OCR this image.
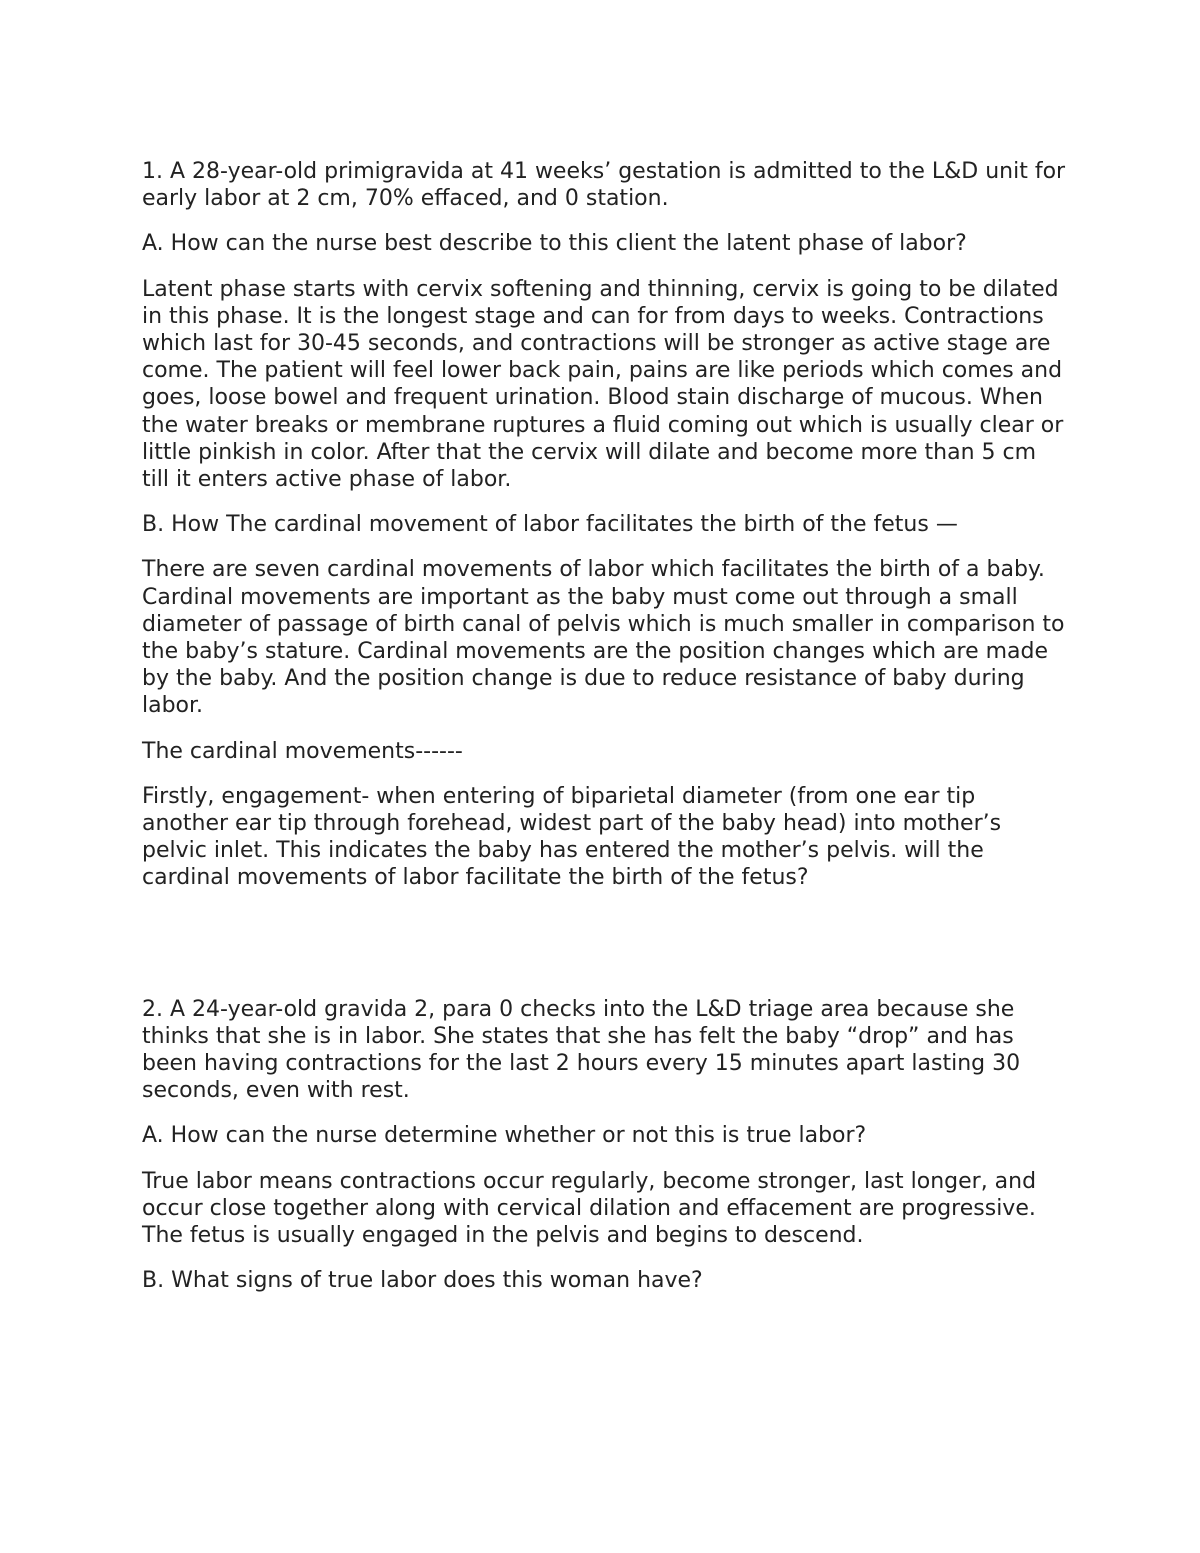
1. A 28-year-old primigravida at 41 weeks’ gestation is admitted to the L&D unit for early labor at 2 cm, 70% effaced, and 0 station.

A. How can the nurse best describe to this client the latent phase of labor?

Latent phase starts with cervix softening and thinning, cervix is going to be dilated in this phase. It is the longest stage and can for from days to weeks. Contractions which last for 30-45 seconds, and contractions will be stronger as active stage are come. The patient will feel lower back pain, pains are like periods which comes and goes, loose bowel and frequent urination. Blood stain discharge of mucous. When the water breaks or membrane ruptures a fluid coming out which is usually clear or little pinkish in color. After that the cervix will dilate and become more than 5 cm till it enters active phase of labor.

B. How The cardinal movement of labor facilitates the birth of the fetus —

There are seven cardinal movements of labor which facilitates the birth of a baby. Cardinal movements are important as the baby must come out through a small diameter of passage of birth canal of pelvis which is much smaller in comparison to the baby’s stature. Cardinal movements are the position changes which are made by the baby. And the position change is due to reduce resistance of baby during labor.

The cardinal movements------

Firstly, engagement- when entering of biparietal diameter (from one ear tip another ear tip through forehead, widest part of the baby head) into mother’s pelvic inlet. This indicates the baby has entered the mother’s pelvis. will the cardinal movements of labor facilitate the birth of the fetus?

2. A 24-year-old gravida 2, para 0 checks into the L&D triage area because she thinks that she is in labor. She states that she has felt the baby “drop” and has been having contractions for the last 2 hours every 15 minutes apart lasting 30 seconds, even with rest.

A. How can the nurse determine whether or not this is true labor?

True labor means contractions occur regularly, become stronger, last longer, and occur close together along with cervical dilation and effacement are progressive. The fetus is usually engaged in the pelvis and begins to descend.

B. What signs of true labor does this woman have?
